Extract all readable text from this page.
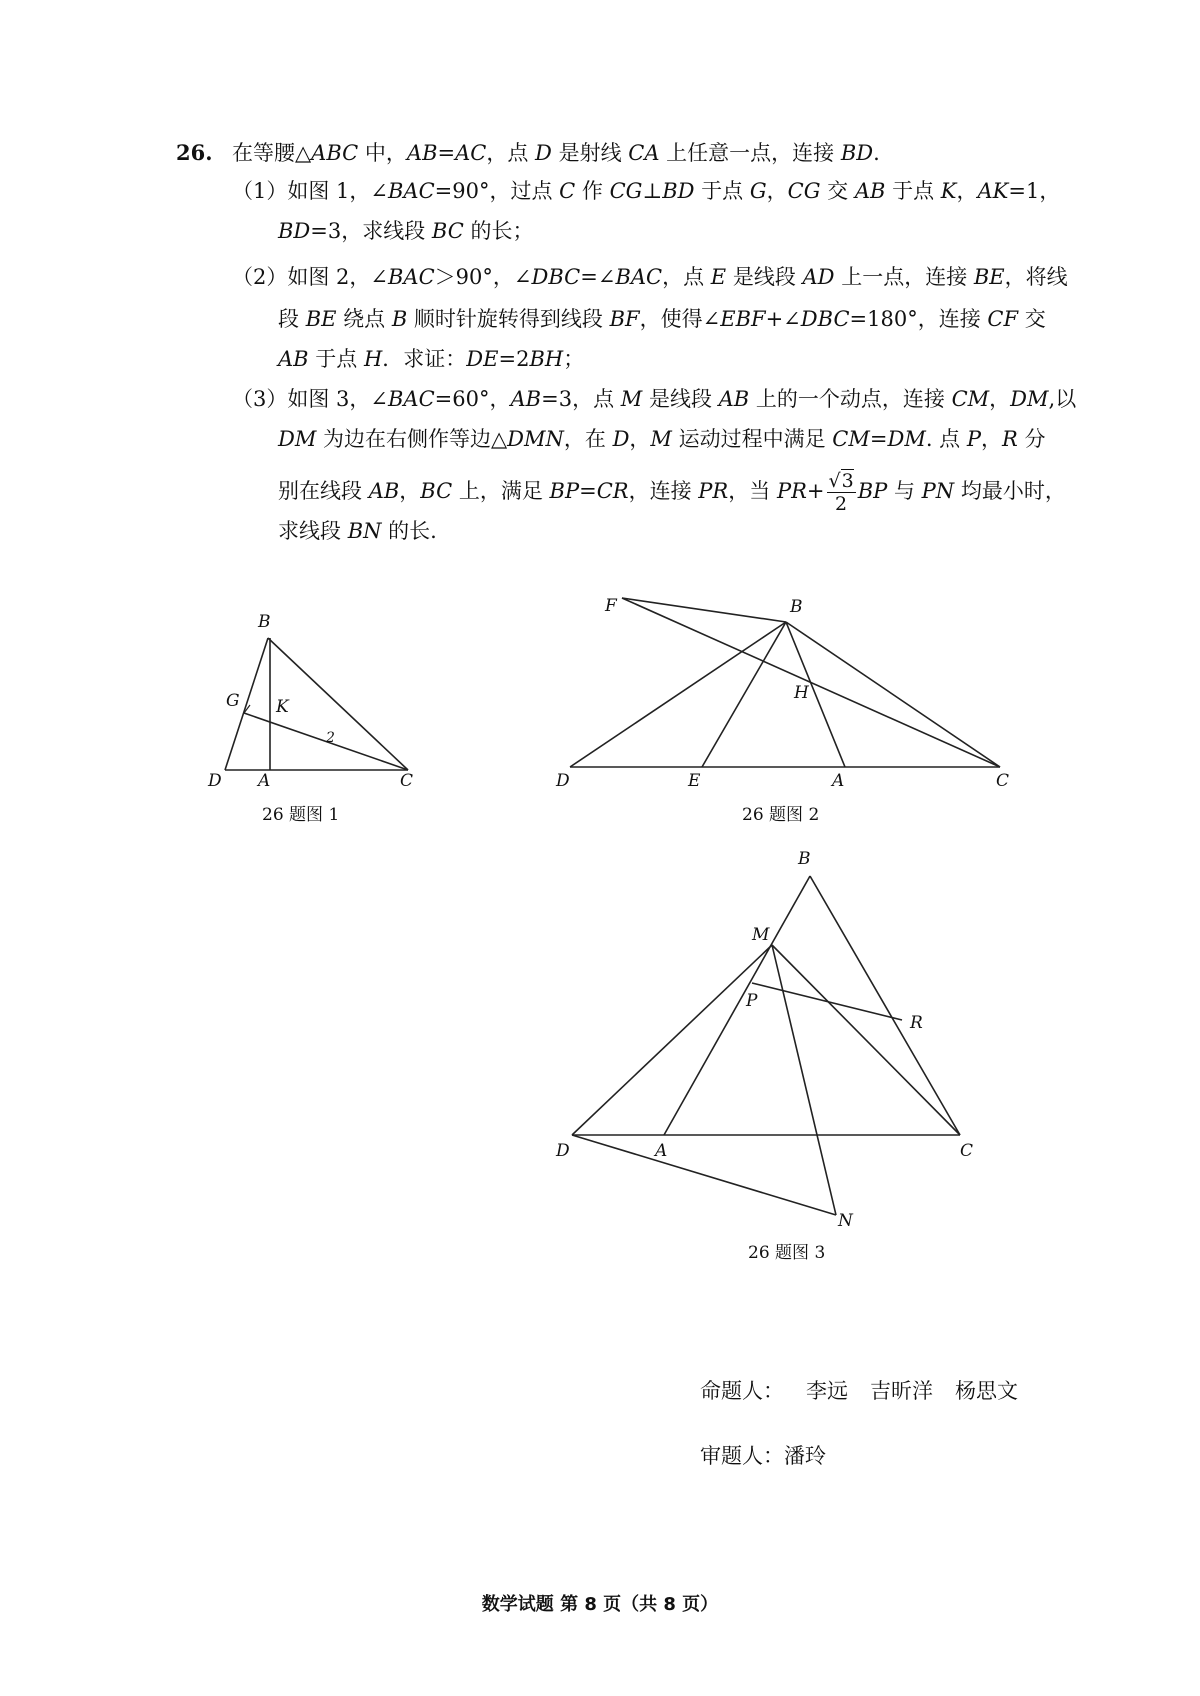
26. 在等腰△ABC 中，AB=AC，点 D 是射线 CA 上任意一点，连接 BD.
（1）如图 1，∠BAC=90°，过点 C 作 CG⊥BD 于点 G，CG 交 AB 于点 K，AK=1，
BD=3，求线段 BC 的长；
（2）如图 2，∠BAC＞90°，∠DBC=∠BAC，点 E 是线段 AD 上一点，连接 BE，将线
段 BE 绕点 B 顺时针旋转得到线段 BF，使得∠EBF+∠DBC=180°，连接 CF 交
AB 于点 H．求证：DE=2BH；
（3）如图 3，∠BAC=60°，AB=3，点 M 是线段 AB 上的一个动点，连接 CM，DM,以
DM 为边在右侧作等边△DMN，在 D，M 运动过程中满足 CM=DM. 点 P，R 分
别在线段 AB，BC 上，满足 BP=CR，连接 PR，当 $PR+ \frac{√3}{2}$ BP 与 PN 均最小时，
求线段 BN 的长.
B
G K
2
D A	C
F	B
H
D	E	A	C
B
M
P
R
D	A	C
N
26 题图 1	26 题图 2
26 题图 3
命题人： 李远 吉昕洋 杨思文
审题人：潘玲
数学试题 第 8 页（共 8 页）
